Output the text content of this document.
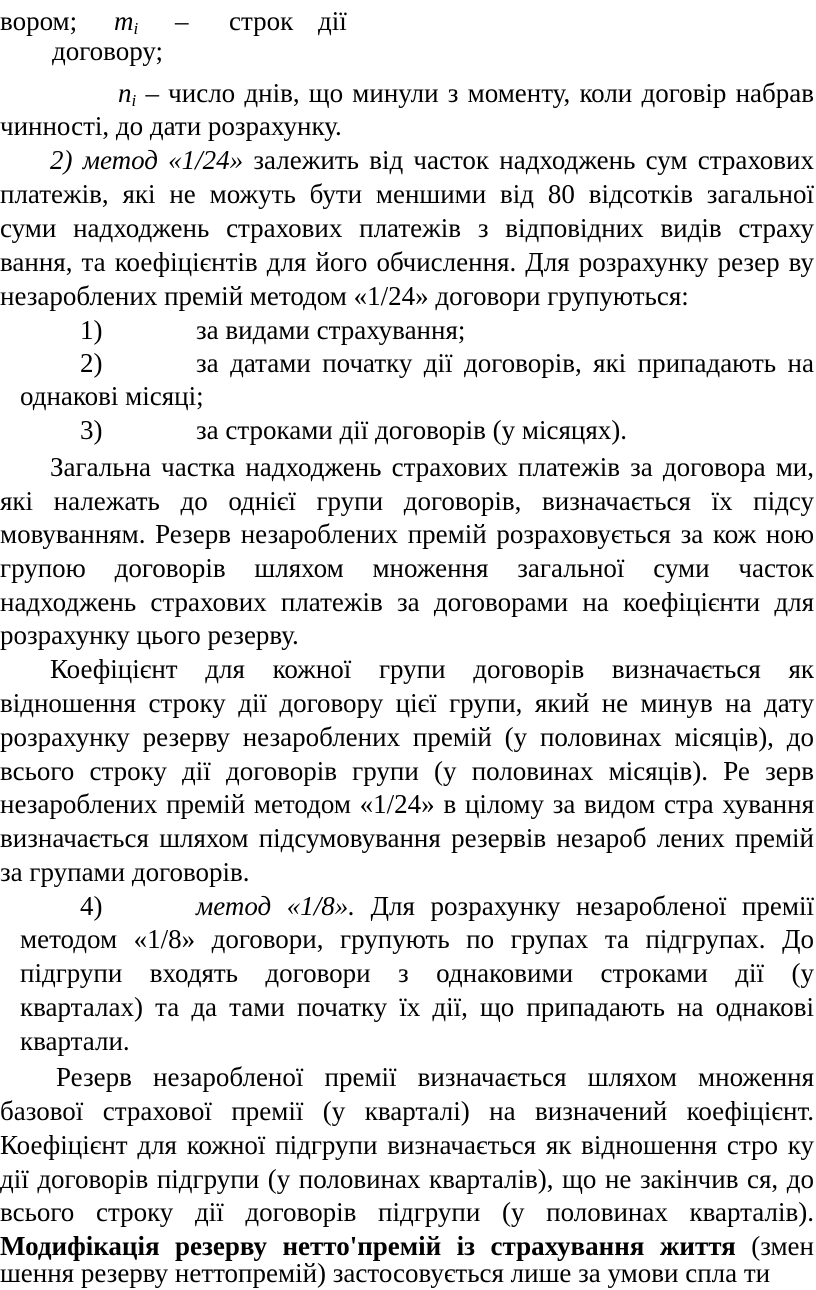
вором; $m_i$ – строк дії
договору;
$n_i$ – число днів, що минули з моменту, коли договір набрав
чинності, до дати розрахунку.
2) метод «1/24» залежить від часток надходжень сум страхових
платежів, які не можуть бути меншими від 80 відсотків загальної
суми надходжень страхових платежів з відповідних видів страху
вання, та коефіцієнтів для його обчислення. Для розрахунку резер ву
незароблених премій методом «1/24» договори групуються:
1)	за видами страхування;
2)	за датами початку дії договорів, які припадають на
однакові місяці;
3)	за строками дії договорів (у місяцях).
Загальна частка надходжень страхових платежів за договора ми,
які належать до однієї групи договорів, визначається їх підсу
мовуванням. Резерв незароблених премій розраховується за кож ною
групою договорів шляхом множення загальної суми часток
надходжень страхових платежів за договорами на коефіцієнти для
розрахунку цього резерву.
Коефіцієнт для кожної групи договорів визначається як
відношення строку дії договору цієї групи, який не минув на дату
розрахунку резерву незароблених премій (у половинах місяців), до
всього строку дії договорів групи (у половинах місяців). Ре зерв
незароблених премій методом «1/24» в цілому за видом стра хування
визначається шляхом підсумовування резервів незароб лених премій
за групами договорів.
4)	метод «1/8». Для розрахунку незаробленої премії
методом «1/8» договори, групують по групах та підгрупах. До
підгрупи входять договори з однаковими строками дії (у
кварталах) та да тами початку їх дії, що припадають на однакові
квартали.
Резерв незаробленої премії визначається шляхом множення
базової страхової премії (у кварталі) на визначений коефіцієнт.
Коефіцієнт для кожної підгрупи визначається як відношення стро ку
дії договорів підгрупи (у половинах кварталів), що не закінчив ся, до
всього строку дії договорів підгрупи (у половинах кварталів).
Модифікація резерву нетто'премій із страхування життя (змен
шення резерву неттопремій) застосовується лише за умови спла ти
